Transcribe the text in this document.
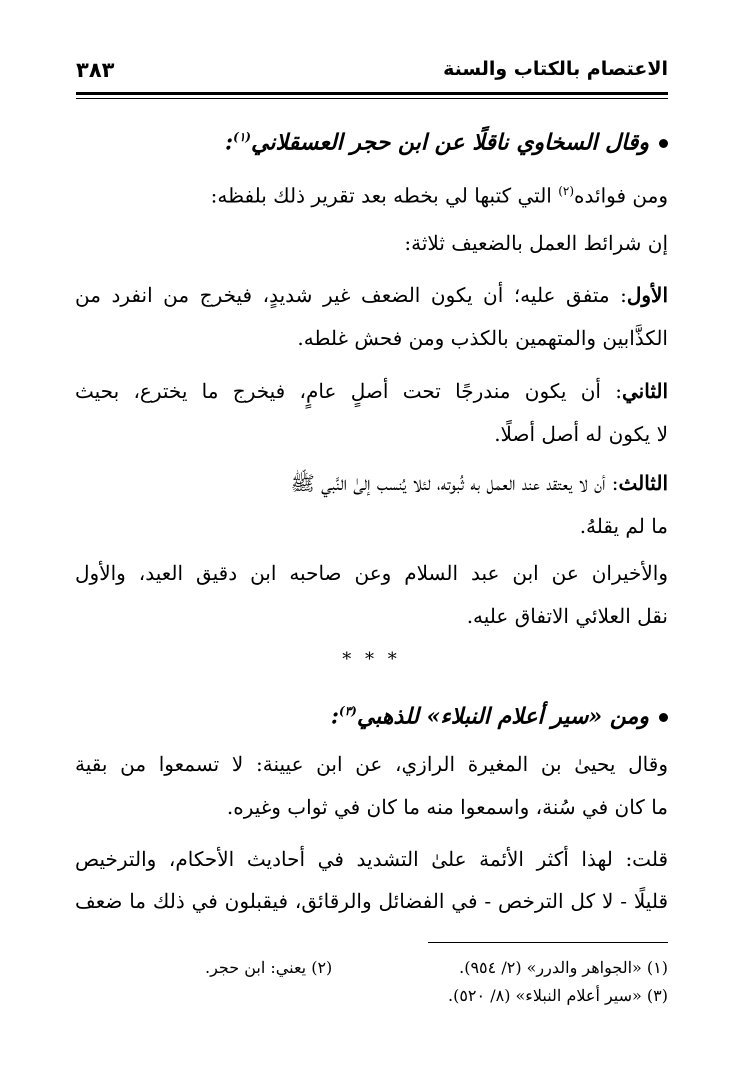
الاعتصام بالكتاب والسنة
٣٨٣
وقال السخاوي ناقلًا عن ابن حجر العسقلاني$^{(١)}$:
ومن فوائده$^{(٢)}$ التي كتبها لي بخطه بعد تقرير ذلك بلفظه:
إن شرائط العمل بالضعيف ثلاثة:
الأول: متفق عليه؛ أن يكون الضعف غير شديدٍ، فيخرج من انفرد من
الكذَّابين والمتهمين بالكذب ومن فحش غلطه.
الثاني: أن يكون مندرجًا تحت أصلٍ عامٍ، فيخرج ما يخترع، بحيث
لا يكون له أصل أصلًا.
الثالث: أن لا يعتقد عند العمل به ثُبوته، لئلا يُنسب إلىٰ النَّبي ﷺ
ما لم يقلهُ.
والأخيران عن ابن عبد السلام وعن صاحبه ابن دقيق العيد، والأول
نقل العلائي الاتفاق عليه.
* * *
ومن «سير أعلام النبلاء» للذهبي$^{(٣)}$:
وقال يحيىٰ بن المغيرة الرازي، عن ابن عيينة: لا تسمعوا من بقية
ما كان في سُنة، واسمعوا منه ما كان في ثواب وغيره.
قلت: لهذا أكثر الأئمة علىٰ التشديد في أحاديث الأحكام، والترخيص
قليلًا - لا كل الترخص - في الفضائل والرقائق، فيقبلون في ذلك ما ضعف
(١) «الجواهر والدرر» (٢/ ٩٥٤).
(٢) يعني: ابن حجر.
(٣) «سير أعلام النبلاء» (٨/ ٥٢٠).
